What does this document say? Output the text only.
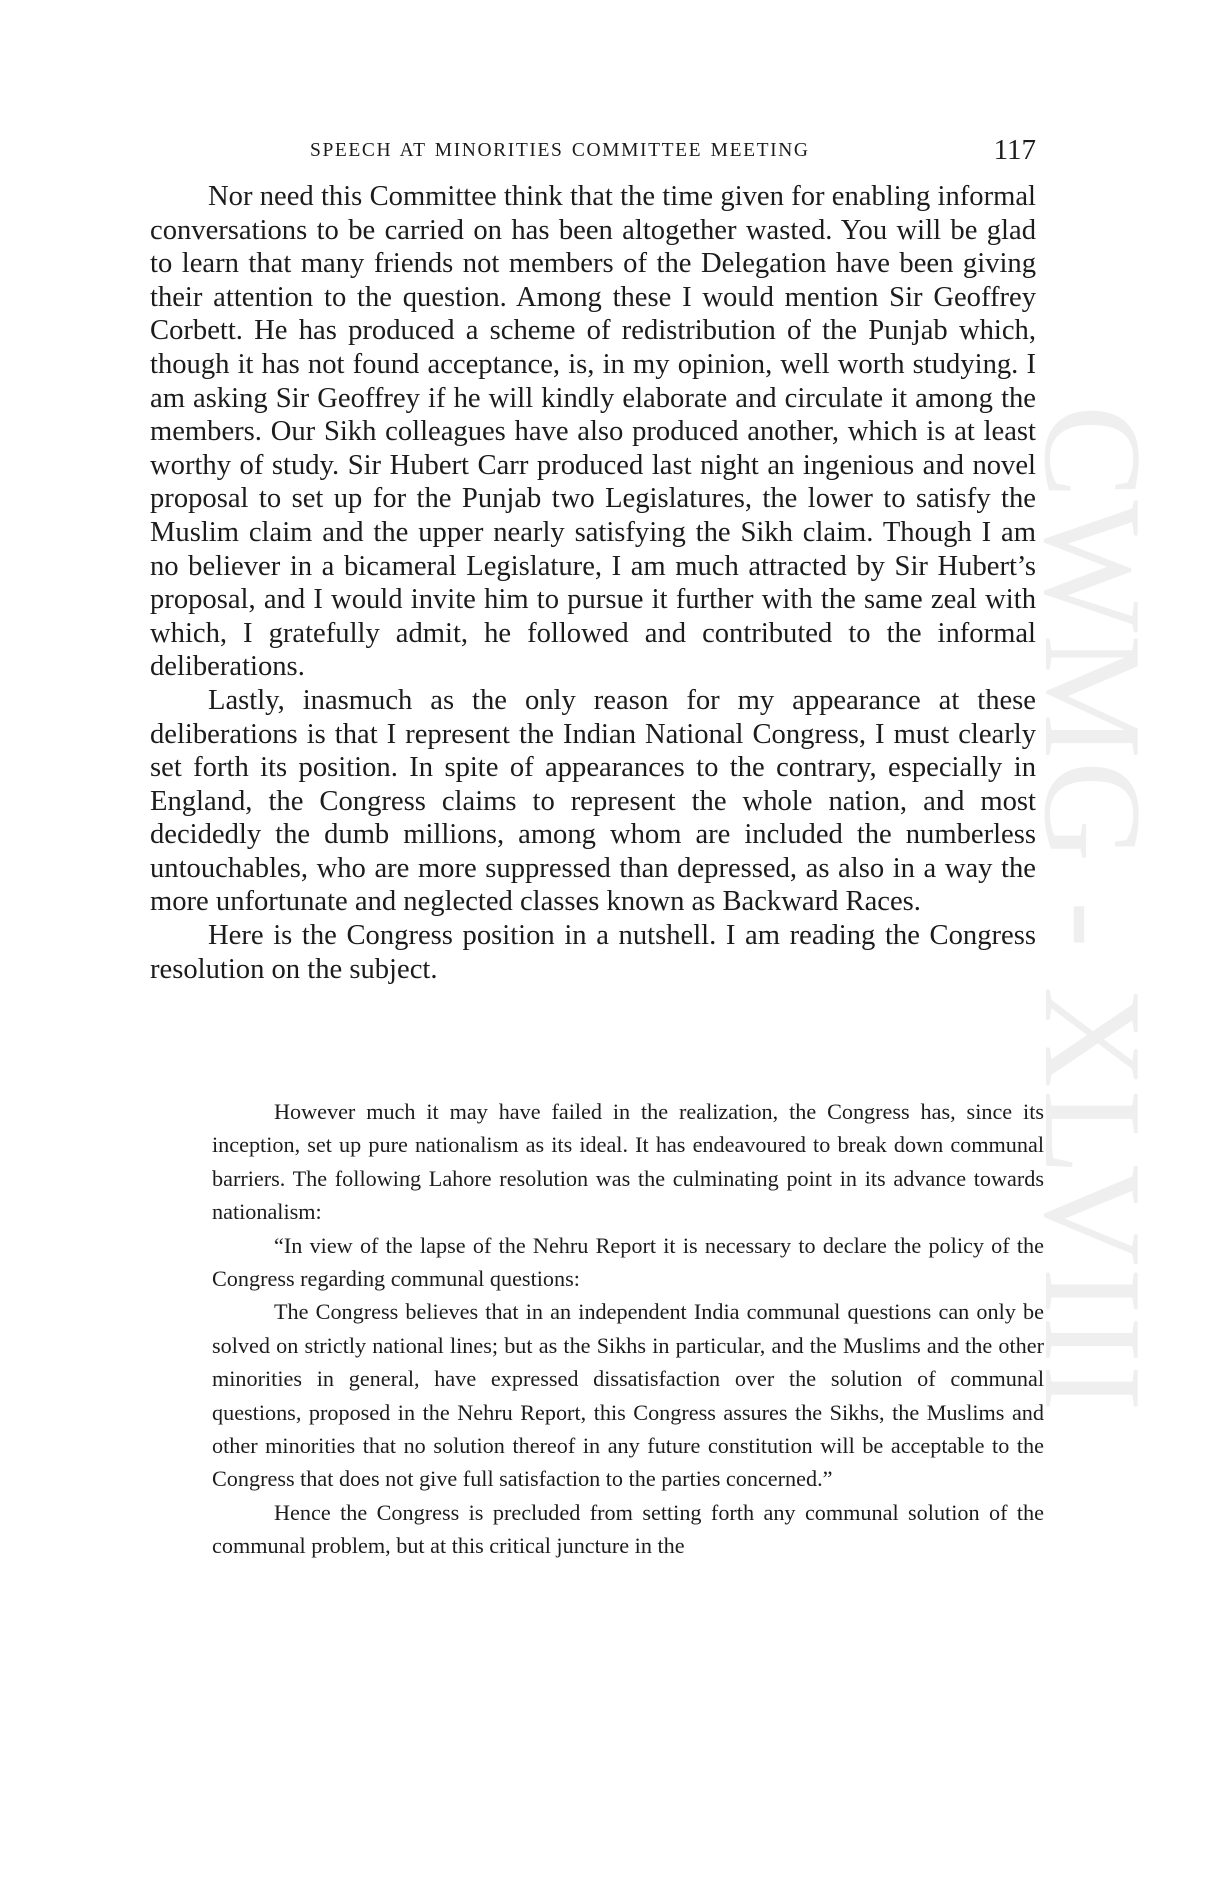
SPEECH AT MINORITIES COMMITTEE MEETING	117
CWMG - XLVIII

Nor need this Committee think that the time given for enabling informal conversations to be carried on has been altogether wasted. You will be glad to learn that many friends not members of the Delegation have been giving their attention to the question. Among these I would mention Sir Geoffrey Corbett. He has produced a scheme of redistribution of the Punjab which, though it has not found acceptance, is, in my opinion, well worth studying. I am asking Sir Geoffrey if he will kindly elaborate and circulate it among the members. Our Sikh colleagues have also produced another, which is at least worthy of study. Sir Hubert Carr produced last night an ingenious and novel proposal to set up for the Punjab two Legislatures, the lower to satisfy the Muslim claim and the upper nearly satisfying the Sikh claim. Though I am no believer in a bicameral Legislature, I am much attracted by Sir Hubert’s proposal, and I would invite him to pursue it further with the same zeal with which, I gratefully admit, he followed and contributed to the informal deliberations.

Lastly, inasmuch as the only reason for my appearance at these deliberations is that I represent the Indian National Congress, I must clearly set forth its position. In spite of appearances to the contrary, especially in England, the Congress claims to represent the whole nation, and most decidedly the dumb millions, among whom are included the numberless untouchables, who are more suppressed than depressed, as also in a way the more unfortunate and neglected classes known as Backward Races.

Here is the Congress position in a nutshell. I am reading the Congress resolution on the subject.

However much it may have failed in the realization, the Congress has, since its inception, set up pure nationalism as its ideal. It has endeavoured to break down communal barriers. The following Lahore resolution was the culminating point in its advance towards nationalism:

“In view of the lapse of the Nehru Report it is necessary to declare the policy of the Congress regarding communal questions:

The Congress believes that in an independent India communal questions can only be solved on strictly national lines; but as the Sikhs in particular, and the Muslims and the other minorities in general, have expressed dissatisfaction over the solution of communal questions, proposed in the Nehru Report, this Congress assures the Sikhs, the Muslims and other minorities that no solution thereof in any future constitution will be acceptable to the Congress that does not give full satisfaction to the parties concerned.”

Hence the Congress is precluded from setting forth any communal solution of the communal problem, but at this critical juncture in the
